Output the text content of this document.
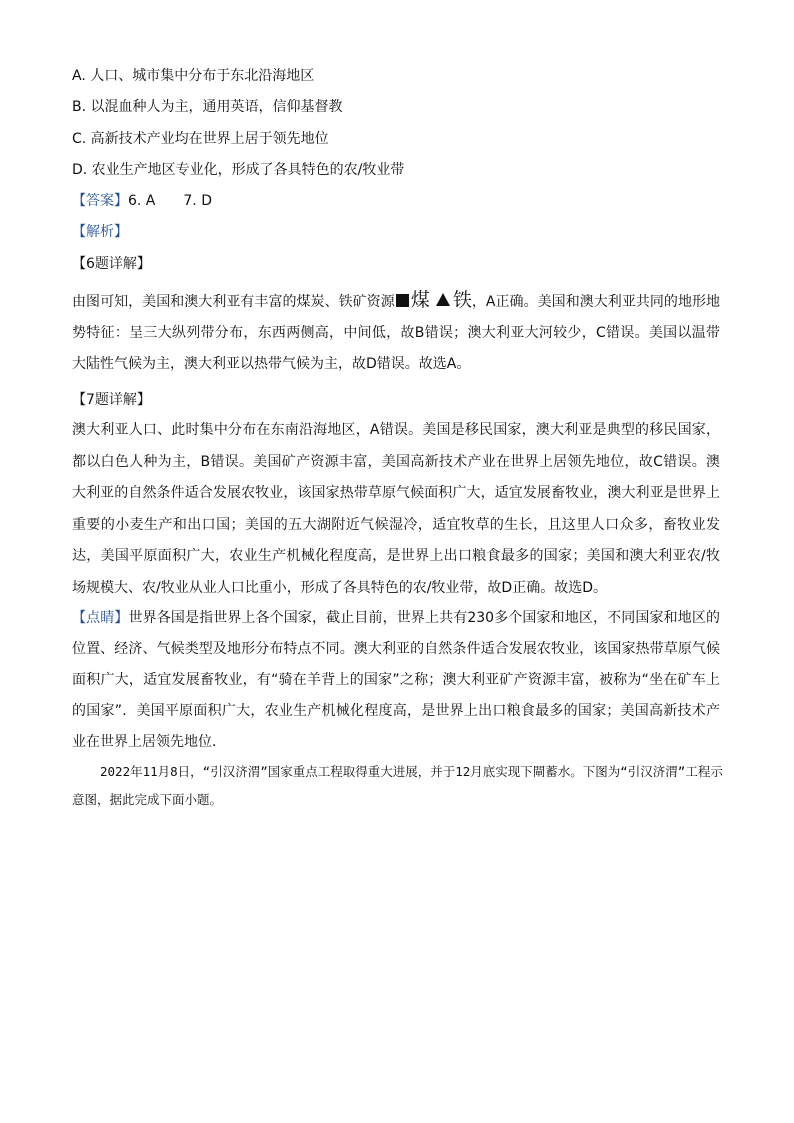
A. 人口、城市集中分布于东北沿海地区
B. 以混血种人为主，通用英语，信仰基督教
C. 高新技术产业均在世界上居于领先地位
D. 农业生产地区专业化，形成了各具特色的农/牧业带
【答案】6. A 7. D
【解析】
【6题详解】
由图可知，美国和澳大利亚有丰富的煤炭、铁矿资源 煤 铁，A正确。美国和澳大利亚共同的地形地势特征：呈三大纵列带分布，东西两侧高，中间低，故B错误；澳大利亚大河较少，C错误。美国以温带大陆性气候为主，澳大利亚以热带气候为主，故D错误。故选A。
【7题详解】
澳大利亚人口、此时集中分布在东南沿海地区，A错误。美国是移民国家，澳大利亚是典型的移民国家，都以白色人种为主，B错误。美国矿产资源丰富，美国高新技术产业在世界上居领先地位，故C错误。澳大利亚的自然条件适合发展农牧业，该国家热带草原气候面积广大，适宜发展畜牧业，澳大利亚是世界上重要的小麦生产和出口国；美国的五大湖附近气候湿冷，适宜牧草的生长，且这里人口众多，畜牧业发达，美国平原面积广大，农业生产机械化程度高，是世界上出口粮食最多的国家；美国和澳大利亚农/牧场规模大、农/牧业从业人口比重小，形成了各具特色的农/牧业带，故D正确。故选D。
【点睛】世界各国是指世界上各个国家，截止目前，世界上共有230多个国家和地区，不同国家和地区的位置、经济、气候类型及地形分布特点不同。澳大利亚的自然条件适合发展农牧业，该国家热带草原气候面积广大，适宜发展畜牧业，有“骑在羊背上的国家”之称；澳大利亚矿产资源丰富，被称为“坐在矿车上的国家”．美国平原面积广大，农业生产机械化程度高，是世界上出口粮食最多的国家；美国高新技术产业在世界上居领先地位．
2022年11月8日，“引汉济渭”国家重点工程取得重大进展，并于12月底实现下閘蓄水。下图为“引汉济渭”工程示意图，据此完成下面小题。
